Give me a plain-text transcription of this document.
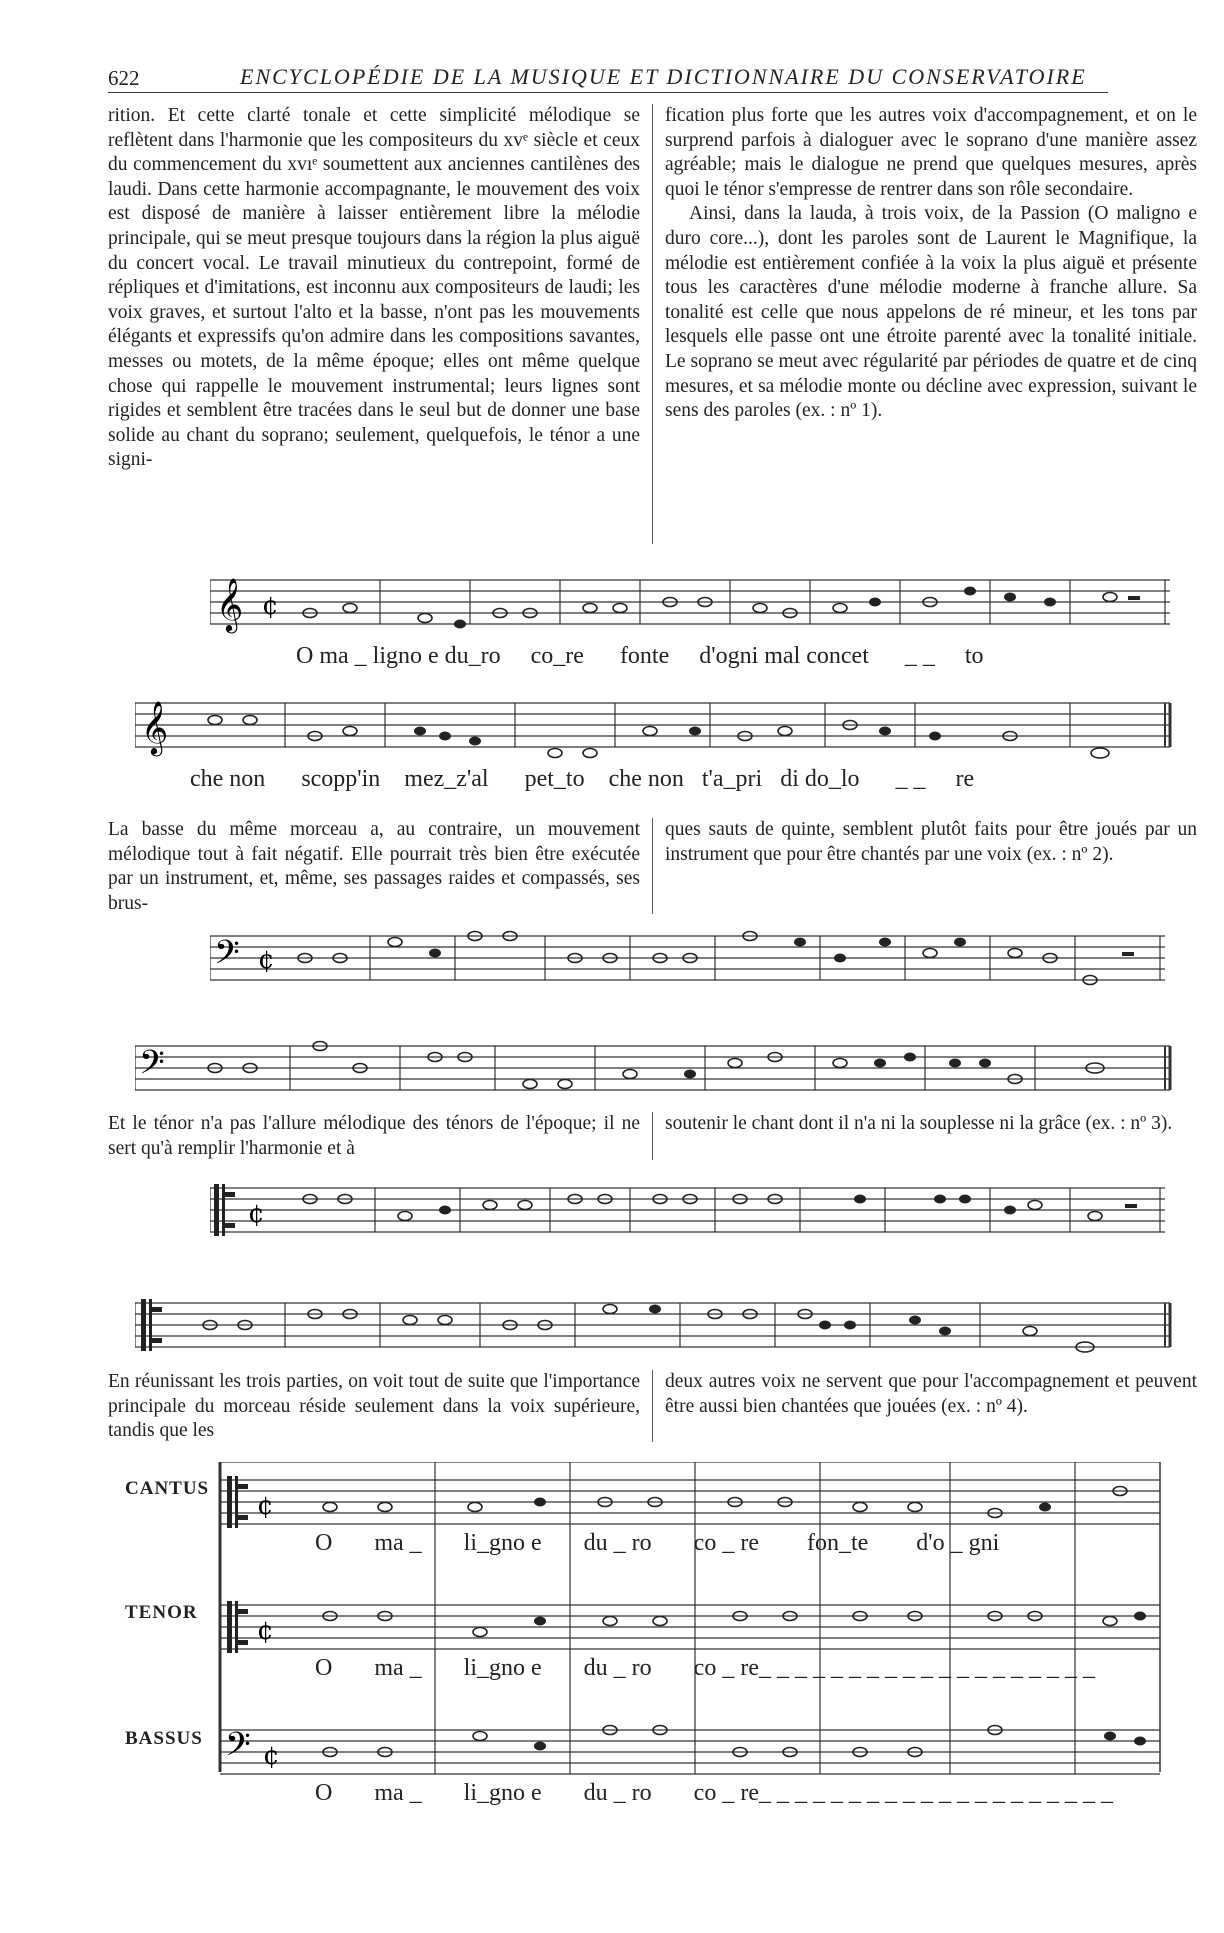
622	ENCYCLOPÉDIE DE LA MUSIQUE ET DICTIONNAIRE DU CONSERVATOIRE
rition. Et cette clarté tonale et cette simplicité mélodique se reflètent dans l'harmonie que les compositeurs du xvᵉ siècle et ceux du commencement du xvıᵉ soumettent aux anciennes cantilènes des laudi. Dans cette harmonie accompagnante, le mouvement des voix est disposé de manière à laisser entièrement libre la mélodie principale, qui se meut presque toujours dans la région la plus aiguë du concert vocal. Le travail minutieux du contrepoint, formé de répliques et d'imitations, est inconnu aux compositeurs de laudi; les voix graves, et surtout l'alto et la basse, n'ont pas les mouvements élégants et expressifs qu'on admire dans les compositions savantes, messes ou motets, de la même époque; elles ont même quelque chose qui rappelle le mouvement instrumental; leurs lignes sont rigides et semblent être tracées dans le seul but de donner une base solide au chant du soprano; seulement, quelquefois, le ténor a une signi-
fication plus forte que les autres voix d'accompagnement, et on le surprend parfois à dialoguer avec le soprano d'une manière assez agréable; mais le dialogue ne prend que quelques mesures, après quoi le ténor s'empresse de rentrer dans son rôle secondaire.
Ainsi, dans la lauda, à trois voix, de la Passion (O maligno e duro core...), dont les paroles sont de Laurent le Magnifique, la mélodie est entièrement confiée à la voix la plus aiguë et présente tous les caractères d'une mélodie moderne à franche allure. Sa tonalité est celle que nous appelons de ré mineur, et les tons par lesquels elle passe ont une étroite parenté avec la tonalité initiale. Le soprano se meut avec régularité par périodes de quatre et de cinq mesures, et sa mélodie monte ou décline avec expression, suivant le sens des paroles (ex. : nº 1).
𝄞 ¢
O ma _ ligno e du_ro co_re fonte d'ogni mal concet _ _ to
𝄞
che non scopp'in mez_z'al pet_to che non t'a_pri di do_lo _ _ re
La basse du même morceau a, au contraire, un mouvement mélodique tout à fait négatif. Elle pourrait très bien être exécutée par un instrument, et, même, ses passages raides et compassés, ses brus-
ques sauts de quinte, semblent plutôt faits pour être joués par un instrument que pour être chantés par une voix (ex. : nº 2).
𝄢 ¢
𝄢
Et le ténor n'a pas l'allure mélodique des ténors de l'époque; il ne sert qu'à remplir l'harmonie et à
soutenir le chant dont il n'a ni la souplesse ni la grâce (ex. : nº 3).
¢
En réunissant les trois parties, on voit tout de suite que l'importance principale du morceau réside seulement dans la voix supérieure, tandis que les
deux autres voix ne servent que pour l'accompagnement et peuvent être aussi bien chantées que jouées (ex. : nº 4).
CANTUS
TENOR
BASSUS 𝄢
¢
¢
¢
O ma _ li_gno e du _ ro co _ re fon_te d'o _ gni
O ma _ li_gno e du _ ro co _ re_ _ _ _ _ _ _ _ _ _ _ _ _ _ _ _ _ _ _
O ma _ li_gno e du _ ro co _ re_ _ _ _ _ _ _ _ _ _ _ _ _ _ _ _ _ _ _ _
